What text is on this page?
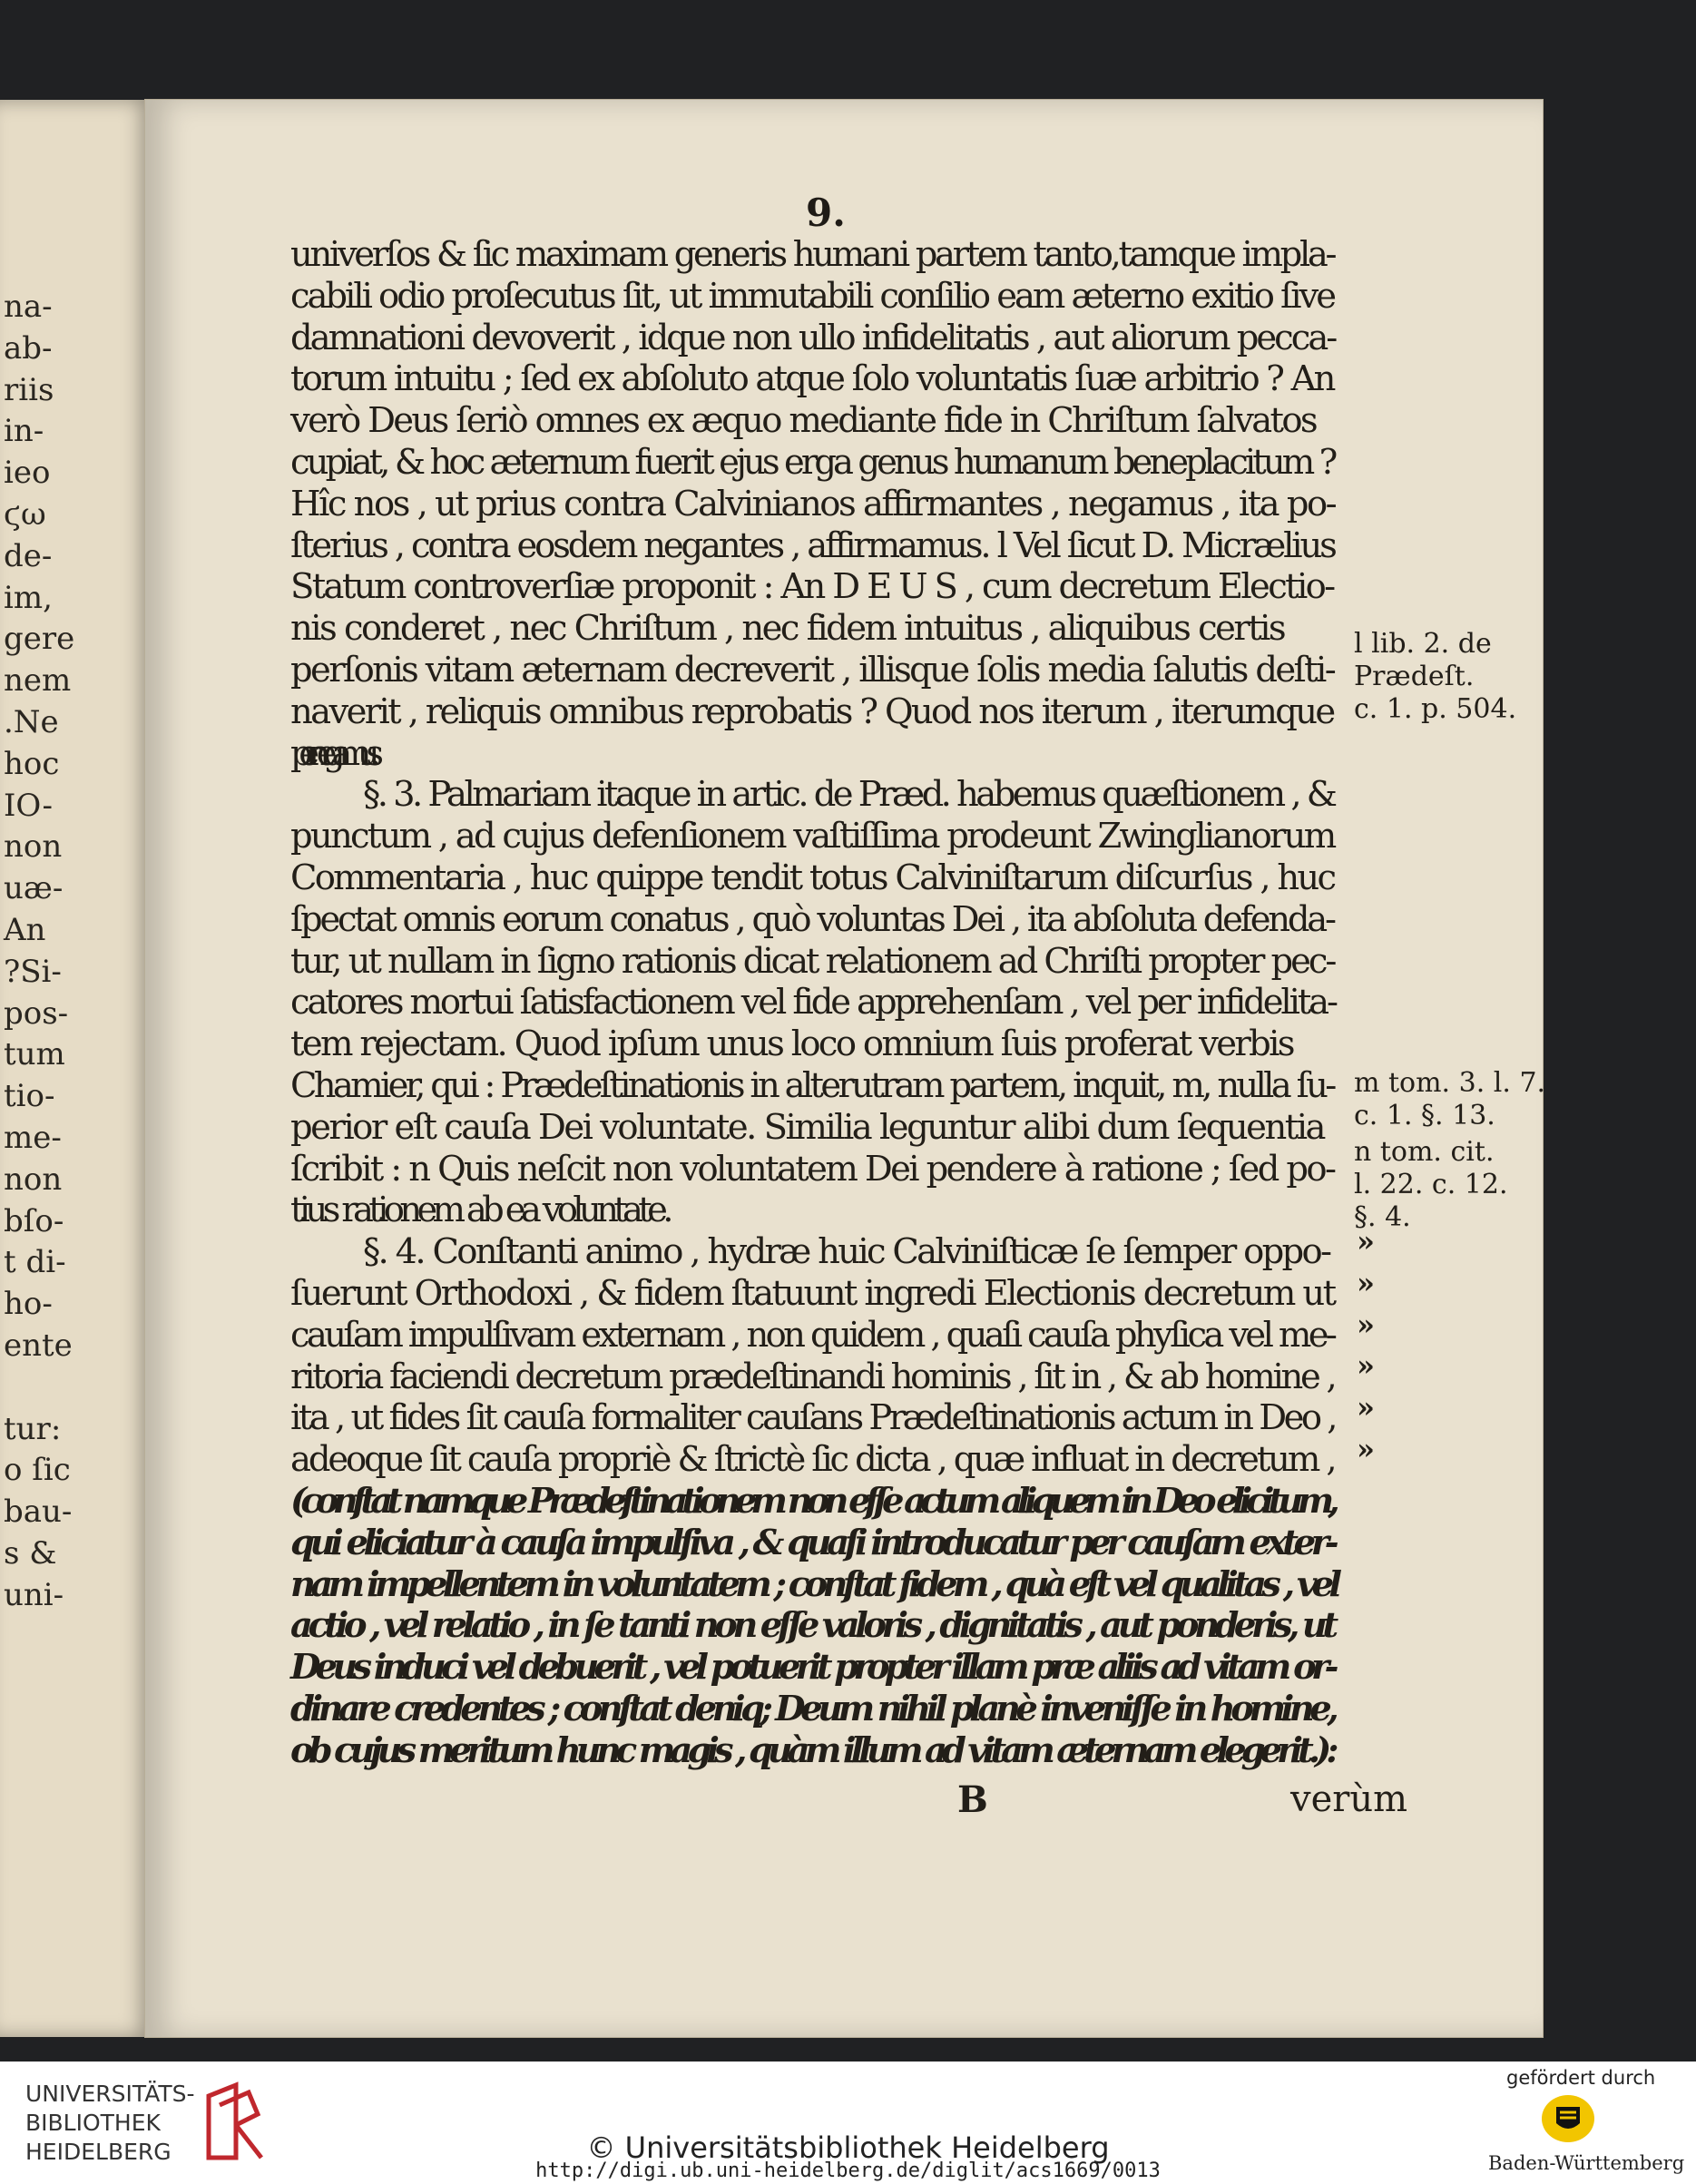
na-
ab-
riis
in-
ieo
ϛω
de-
im,
gere
nem
.Ne
hoc
IO-
non
uæ-
An
?Si-
pos-
tum
tio-
me-
non
bſo-
t di-
ho-
ente
tur:
o ſic
bau-
s &
uni-
9.
univerſos & ſic maximam generis humani partem tanto,tamque impla-
cabili odio proſecutus ſit, ut immutabili conſilio eam æterno exitio ſive
damnationi devoverit , idque non ullo infidelitatis , aut aliorum pecca-
torum intuitu ; ſed ex abſoluto atque ſolo voluntatis ſuæ arbitrio ? An
verò Deus ſeriò omnes ex æquo mediante fide in Chriſtum ſalvatos
cupiat, & hoc æternum fuerit ejus erga genus humanum beneplacitum ?
Hîc nos , ut prius contra Calvinianos affirmantes , negamus , ita po-
ſterius , contra eosdem negantes , affirmamus. l Vel ſicut D. Micrælius
Statum controverſiæ proponit : An D E U S , cum decretum Electio-
nis conderet , nec Chriſtum , nec fidem intuitus , aliquibus certis
perſonis vitam æternam decreverit , illisque ſolis media ſalutis deſti-
naverit , reliquis omnibus reprobatis ? Quod nos iterum , iterumque
pernegamus.
§. 3. Palmariam itaque in artic. de Præd. habemus quæſtionem , &
punctum , ad cujus defenſionem vaſtiſſima prodeunt Zwinglianorum
Commentaria , huc quippe tendit totus Calviniſtarum diſcurſus , huc
ſpectat omnis eorum conatus , quò voluntas Dei , ita abſoluta defenda-
tur, ut nullam in ſigno rationis dicat relationem ad Chriſti propter pec-
catores mortui ſatisfactionem vel fide apprehenſam , vel per infidelita-
tem rejectam. Quod ipſum unus loco omnium ſuis proferat verbis
Chamier, qui : Prædeſtinationis in alterutram partem, inquit, m, nulla ſu-
perior eſt cauſa Dei voluntate. Similia leguntur alibi dum ſequentia
ſcribit : n Quis neſcit non voluntatem Dei pendere à ratione ; ſed po-
tius rationem ab ea voluntate.
§. 4. Conſtanti animo , hydræ huic Calviniſticæ ſe ſemper oppo-
ſuerunt Orthodoxi , & fidem ſtatuunt ingredi Electionis decretum ut
cauſam impulſivam externam , non quidem , quaſi cauſa phyſica vel me-
ritoria faciendi decretum prædeſtinandi hominis , ſit in , & ab homine ,
ita , ut fides ſit cauſa formaliter cauſans Prædeſtinationis actum in Deo ,
adeoque ſit cauſa propriè & ſtrictè ſic dicta , quæ influat in decretum ,
(conſtat namque Prædeſtinationem non eſſe actum aliquem in Deo elicitum,
qui eliciatur à cauſa impulſiva , & quaſi introducatur per cauſam exter-
nam impellentem in voluntatem ; conſtat fidem , quà eſt vel qualitas , vel
actio , vel relatio , in ſe tanti non eſſe valoris , dignitatis , aut ponderis, ut
Deus induci vel debuerit , vel potuerit propter illam præ aliis ad vitam or-
dinare credentes ; conſtat deniq; Deum nihil planè inveniſſe in homine,
ob cujus meritum hunc magis , quàm illum ad vitam æternam elegerit.):
l lib. 2. de
Prædeſt.
c. 1. p. 504.
m tom. 3. l. 7.
c. 1. §. 13.
n tom. cit.
l. 22. c. 12.
§. 4.
»
»
»
»
»
»
B	verùm
UNIVERSITÄTS-
BIBLIOTHEK
HEIDELBERG	© Universitätsbibliothek Heidelberg
http://digi.ub.uni-heidelberg.de/diglit/acs1669/0013
gefördert durch
Baden-Württemberg
